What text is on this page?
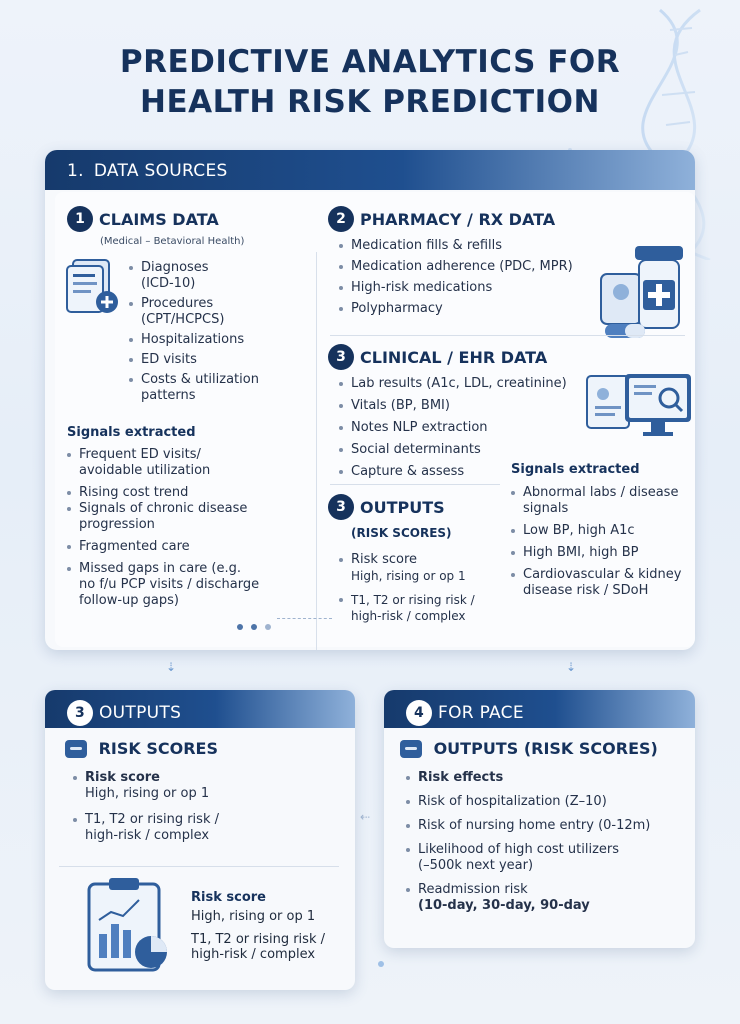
PREDICTIVE ANALYTICS FOR
HEALTH RISK PREDICTION
1. DATA SOURCES
1 CLAIMS DATA
(Medical – Betavioral Health)
Diagnoses
(ICD-10)
Procedures
(CPT/HCPCS)
Hospitalizations
ED visits
Costs & utilization
patterns
Signals extracted
Frequent ED visits/
avoidable utilization
Rising cost trend
Signals of chronic disease
progression
Fragmented care
Missed gaps in care (e.g.
no f/u PCP visits / discharge
follow-up gaps)
2 PHARMACY / RX DATA
Medication fills & refills
Medication adherence (PDC, MPR)
High-risk medications
Polypharmacy
3 CLINICAL / EHR DATA
Lab results (A1c, LDL, creatinine)
Vitals (BP, BMI)
Notes NLP extraction
Social determinants
Capture & assess	Signals extracted
Abnormal labs / disease signals
Low BP, high A1c
High BMI, high BP
Cardiovascular & kidney
disease risk / SDoH
3 OUTPUTS
(RISK SCORES)
Risk score
High, rising or op 1
T1, T2 or rising risk /
high-risk / complex
⇣	⇣
3 OUTPUTS
RISK SCORES
Risk score
High, rising or op 1
T1, T2 or rising risk /
high-risk / complex
Risk score
High, rising or op 1
T1, T2 or rising risk /
high-risk / complex
⇠
4 FOR PACE
OUTPUTS (RISK SCORES)
Risk effects
Risk of hospitalization (Z–10)
Risk of nursing home entry (0-12m)
Likelihood of high cost utilizers
(–500k next year)
Readmission risk
(10-day, 30-day, 90-day
